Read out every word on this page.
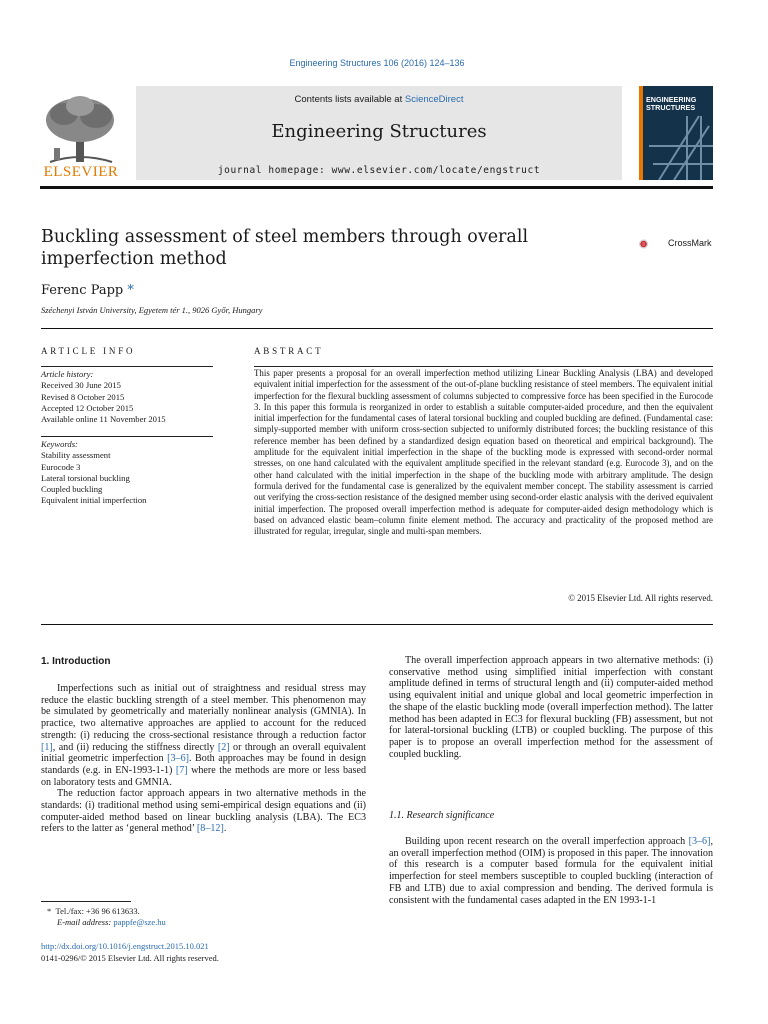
Engineering Structures 106 (2016) 124–136
ELSEVIER
Contents lists available at ScienceDirect
Engineering Structures
journal homepage: www.elsevier.com/locate/engstruct
ENGINEERING
STRUCTURES
Buckling assessment of steel members through overall imperfection method
CrossMark
Ferenc Papp *
Széchenyi István University, Egyetem tér 1., 9026 Győr, Hungary
ARTICLE INFO
Article history:
Received 30 June 2015
Revised 8 October 2015
Accepted 12 October 2015
Available online 11 November 2015
Keywords:
Stability assessment
Eurocode 3
Lateral torsional buckling
Coupled buckling
Equivalent initial imperfection
ABSTRACT
This paper presents a proposal for an overall imperfection method utilizing Linear Buckling Analysis (LBA) and developed equivalent initial imperfection for the assessment of the out-of-plane buckling resistance of steel members. The equivalent initial imperfection for the flexural buckling assessment of columns subjected to compressive force has been specified in the Eurocode 3. In this paper this formula is reorganized in order to establish a suitable computer-aided procedure, and then the equivalent initial imperfection for the fundamental cases of lateral torsional buckling and coupled buckling are defined. (Fundamental case: simply-supported member with uniform cross-section subjected to uniformly distributed forces; the buckling resistance of this reference member has been defined by a standardized design equation based on theoretical and empirical background). The amplitude for the equivalent initial imperfection in the shape of the buckling mode is expressed with second-order normal stresses, on one hand calculated with the equivalent amplitude specified in the relevant standard (e.g. Eurocode 3), and on the other hand calculated with the initial imperfection in the shape of the buckling mode with arbitrary amplitude. The design formula derived for the fundamental case is generalized by the equivalent member concept. The stability assessment is carried out verifying the cross-section resistance of the designed member using second-order elastic analysis with the derived equivalent initial imperfection. The proposed overall imperfection method is adequate for computer-aided design methodology which is based on advanced elastic beam–column finite element method. The accuracy and practicality of the proposed method are illustrated for regular, irregular, single and multi-span members.
© 2015 Elsevier Ltd. All rights reserved.
1. Introduction

Imperfections such as initial out of straightness and residual stress may reduce the elastic buckling strength of a steel member. This phenomenon may be simulated by geometrically and materially nonlinear analysis (GMNIA). In practice, two alternative approaches are applied to account for the reduced strength: (i) reducing the cross-sectional resistance through a reduction factor [1], and (ii) reducing the stiffness directly [2] or through an overall equivalent initial geometric imperfection [3–6]. Both approaches may be found in design standards (e.g. in EN-1993-1-1) [7] where the methods are more or less based on laboratory tests and GMNIA.

The reduction factor approach appears in two alternative methods in the standards: (i) traditional method using semi-empirical design equations and (ii) computer-aided method based on linear buckling analysis (LBA). The EC3 refers to the latter as ‘general method’ [8–12].

The overall imperfection approach appears in two alternative methods: (i) conservative method using simplified initial imperfection with constant amplitude defined in terms of structural length and (ii) computer-aided method using equivalent initial and unique global and local geometric imperfection in the shape of the elastic buckling mode (overall imperfection method). The latter method has been adapted in EC3 for flexural buckling (FB) assessment, but not for lateral-torsional buckling (LTB) or coupled buckling. The purpose of this paper is to propose an overall imperfection method for the assessment of coupled buckling.

1.1. Research significance

Building upon recent research on the overall imperfection approach [3–6], an overall imperfection method (OIM) is proposed in this paper. The innovation of this research is a computer based formula for the equivalent initial imperfection for steel members susceptible to coupled buckling (interaction of FB and LTB) due to axial compression and bending. The derived formula is consistent with the fundamental cases adapted in the EN 1993-1-1

* Tel./fax: +36 96 613633.
E-mail address: pappfe@sze.hu
http://dx.doi.org/10.1016/j.engstruct.2015.10.021
0141-0296/© 2015 Elsevier Ltd. All rights reserved.
